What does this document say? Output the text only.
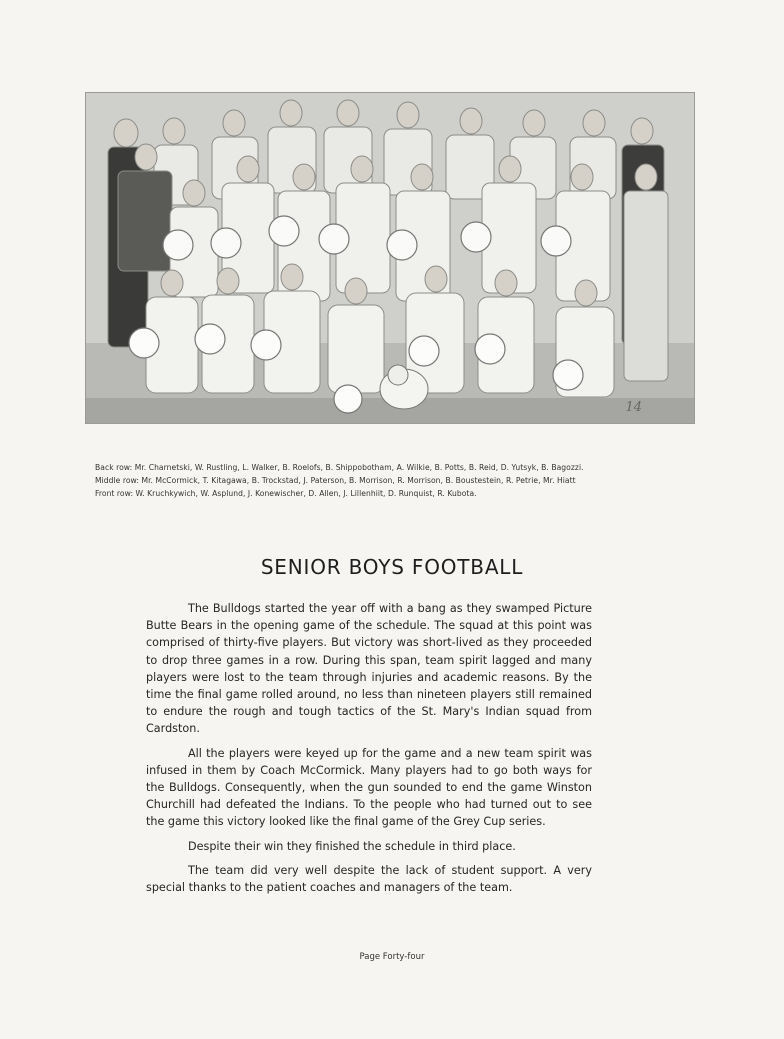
14
Back row: Mr. Charnetski, W. Rustling, L. Walker, B. Roelofs, B. Shippobotham, A. Wilkie, B. Potts, B. Reid, D. Yutsyk, B. Bagozzi.
Middle row: Mr. McCormick, T. Kitagawa, B. Trockstad, J. Paterson, B. Morrison, R. Morrison, B. Boustestein, R. Petrie, Mr. Hiatt
Front row: W. Kruchkywich, W. Asplund, J. Konewischer, D. Allen, J. Lillenhiit, D. Runquist, R. Kubota.
SENIOR BOYS FOOTBALL

The Bulldogs started the year off with a bang as they swamped Picture Butte Bears in the opening game of the schedule. The squad at this point was comprised of thirty-five players. But victory was short-lived as they proceeded to drop three games in a row. During this span, team spirit lagged and many players were lost to the team through injuries and academic reasons. By the time the final game rolled around, no less than nineteen players still remained to endure the rough and tough tactics of the St. Mary's Indian squad from Cardston.

All the players were keyed up for the game and a new team spirit was infused in them by Coach McCormick. Many players had to go both ways for the Bulldogs. Consequently, when the gun sounded to end the game Winston Churchill had defeated the Indians. To the people who had turned out to see the game this victory looked like the final game of the Grey Cup series.

Despite their win they finished the schedule in third place.

The team did very well despite the lack of student support. A very special thanks to the patient coaches and managers of the team.

Page Forty-four
